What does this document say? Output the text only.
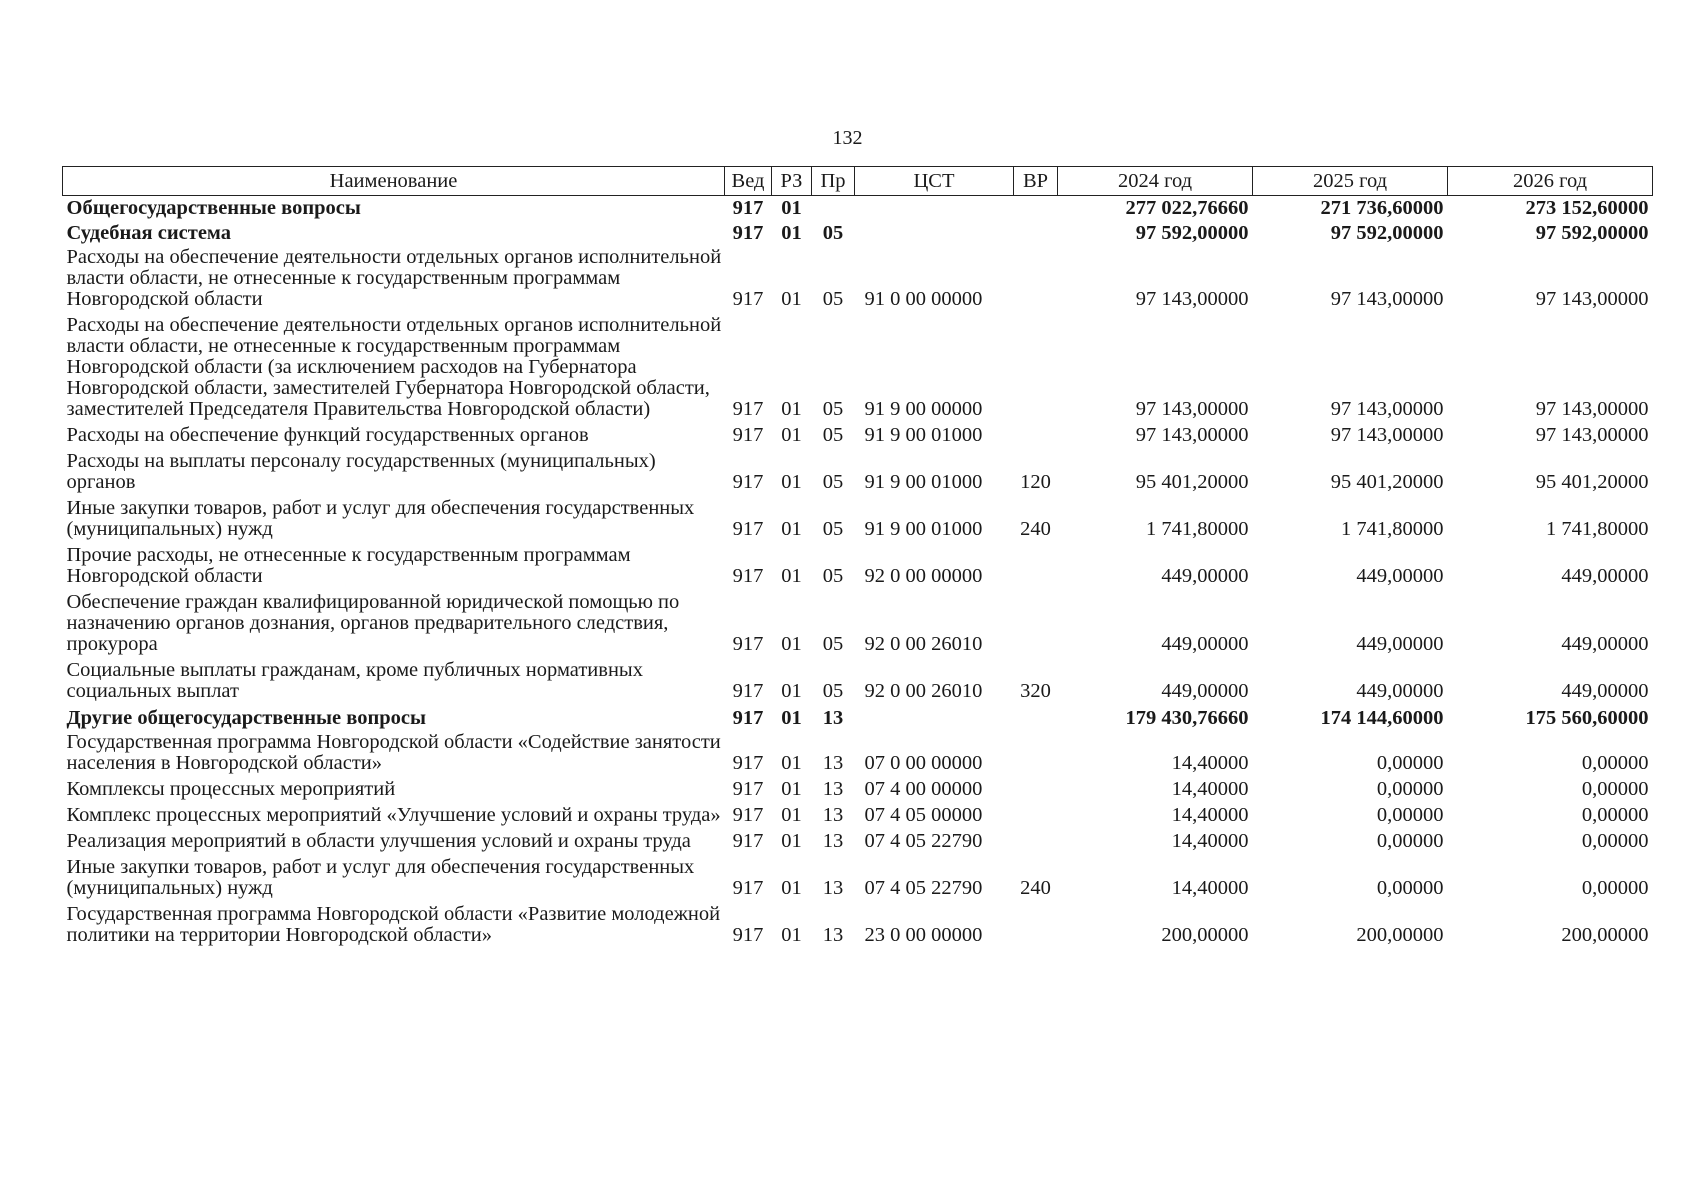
132
Наименование	Вед	РЗ	Пр	ЦСТ	ВР	2024 год	2025 год	2026 год
Общегосударственные вопросы	917	01				277 022,76660	271 736,60000	273 152,60000
Судебная система	917	01	05			97 592,00000	97 592,00000	97 592,00000
Расходы на обеспечение деятельности отдельных органов исполнительной власти области, не отнесенные к государственным программам Новгородской области	917	01	05	91 0 00 00000		97 143,00000	97 143,00000	97 143,00000
Расходы на обеспечение деятельности отдельных органов исполнительной власти области, не отнесенные к государственным программам Новгородской области (за исключением расходов на Губернатора Новгородской области, заместителей Губернатора Новгородской области, заместителей Председателя Правительства Новгородской области)	917	01	05	91 9 00 00000		97 143,00000	97 143,00000	97 143,00000
Расходы на обеспечение функций государственных органов	917	01	05	91 9 00 01000		97 143,00000	97 143,00000	97 143,00000
Расходы на выплаты персоналу государственных (муниципальных) органов	917	01	05	91 9 00 01000	120	95 401,20000	95 401,20000	95 401,20000
Иные закупки товаров, работ и услуг для обеспечения государственных (муниципальных) нужд	917	01	05	91 9 00 01000	240	1 741,80000	1 741,80000	1 741,80000
Прочие расходы, не отнесенные к государственным программам Новгородской области	917	01	05	92 0 00 00000		449,00000	449,00000	449,00000
Обеспечение граждан квалифицированной юридической помощью по назначению органов дознания, органов предварительного следствия, прокурора	917	01	05	92 0 00 26010		449,00000	449,00000	449,00000
Социальные выплаты гражданам, кроме публичных нормативных социальных выплат	917	01	05	92 0 00 26010	320	449,00000	449,00000	449,00000
Другие общегосударственные вопросы	917	01	13			179 430,76660	174 144,60000	175 560,60000
Государственная программа Новгородской области «Содействие занятости населения в Новгородской области»	917	01	13	07 0 00 00000		14,40000	0,00000	0,00000
Комплексы процессных мероприятий	917	01	13	07 4 00 00000		14,40000	0,00000	0,00000
Комплекс процессных мероприятий «Улучшение условий и охраны труда»	917	01	13	07 4 05 00000		14,40000	0,00000	0,00000
Реализация мероприятий в области улучшения условий и охраны труда	917	01	13	07 4 05 22790		14,40000	0,00000	0,00000
Иные закупки товаров, работ и услуг для обеспечения государственных (муниципальных) нужд	917	01	13	07 4 05 22790	240	14,40000	0,00000	0,00000
Государственная программа Новгородской области «Развитие молодежной политики на территории Новгородской области»	917	01	13	23 0 00 00000		200,00000	200,00000	200,00000
